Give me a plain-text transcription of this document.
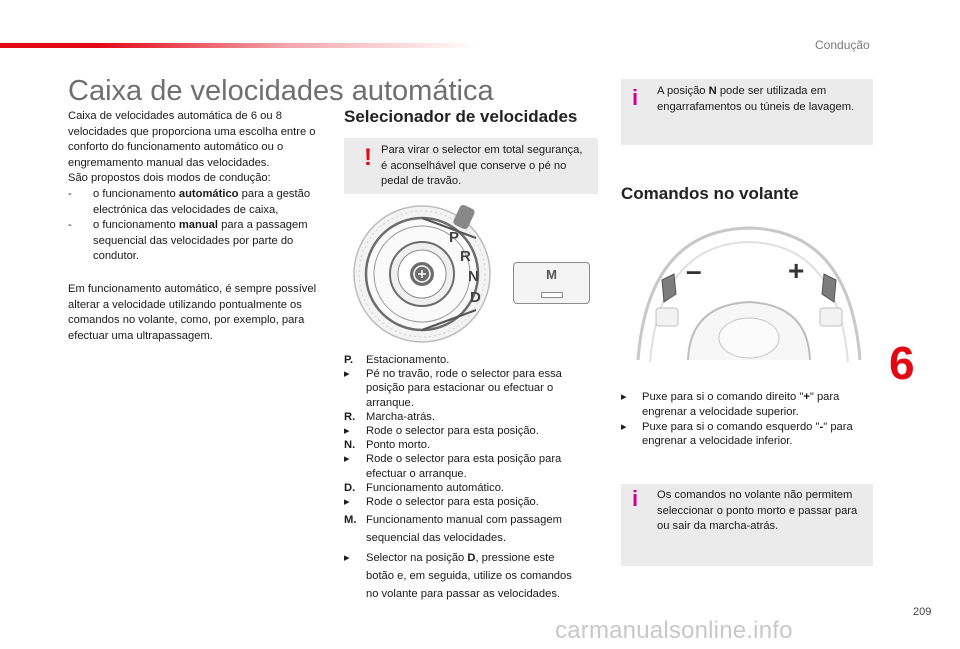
Condução
Caixa de velocidades automática

Caixa de velocidades automática de 6 ou 8 velocidades que proporciona uma escolha entre o conforto do funcionamento automático ou o engremamento manual das velocidades.

São propostos dois modos de condução:

-	o funcionamento automático para a gestão electrónica das velocidades de caixa,
-	o funcionamento manual para a passagem sequencial das velocidades por parte do condutor.
Em funcionamento automático, é sempre possível alterar a velocidade utilizando pontualmente os comandos no volante, como, por exemplo, para efectuar uma ultrapassagem.
Selecionador de velocidades
! Para virar o selector em total segurança, é aconselhável que conserve o pé no pedal de travão.
P
R
N
D
M
P.	Estacionamento.
▸	Pé no travão, rode o selector para essa posição para estacionar ou efectuar o arranque.
R. Marcha-atrás.
▸	Rode o selector para esta posição.
N. Ponto morto.
▸	Rode o selector para esta posição para efectuar o arranque.
D. Funcionamento automático.
▸	Rode o selector para esta posição.
M. Funcionamento manual com passagem sequencial das velocidades.
▸	Selector na posição D, pressione este botão e, em seguida, utilize os comandos no volante para passar as velocidades.
i A posição N pode ser utilizada em engarrafamentos ou túneis de lavagem.
Comandos no volante
–	+
▸	Puxe para si o comando direito "+" para engrenar a velocidade superior.
▸	Puxe para si o comando esquerdo "-" para engrenar a velocidade inferior.
i Os comandos no volante não permitem seleccionar o ponto morto e passar para ou sair da marcha-atrás.
6
209
carmanualsonline.info
